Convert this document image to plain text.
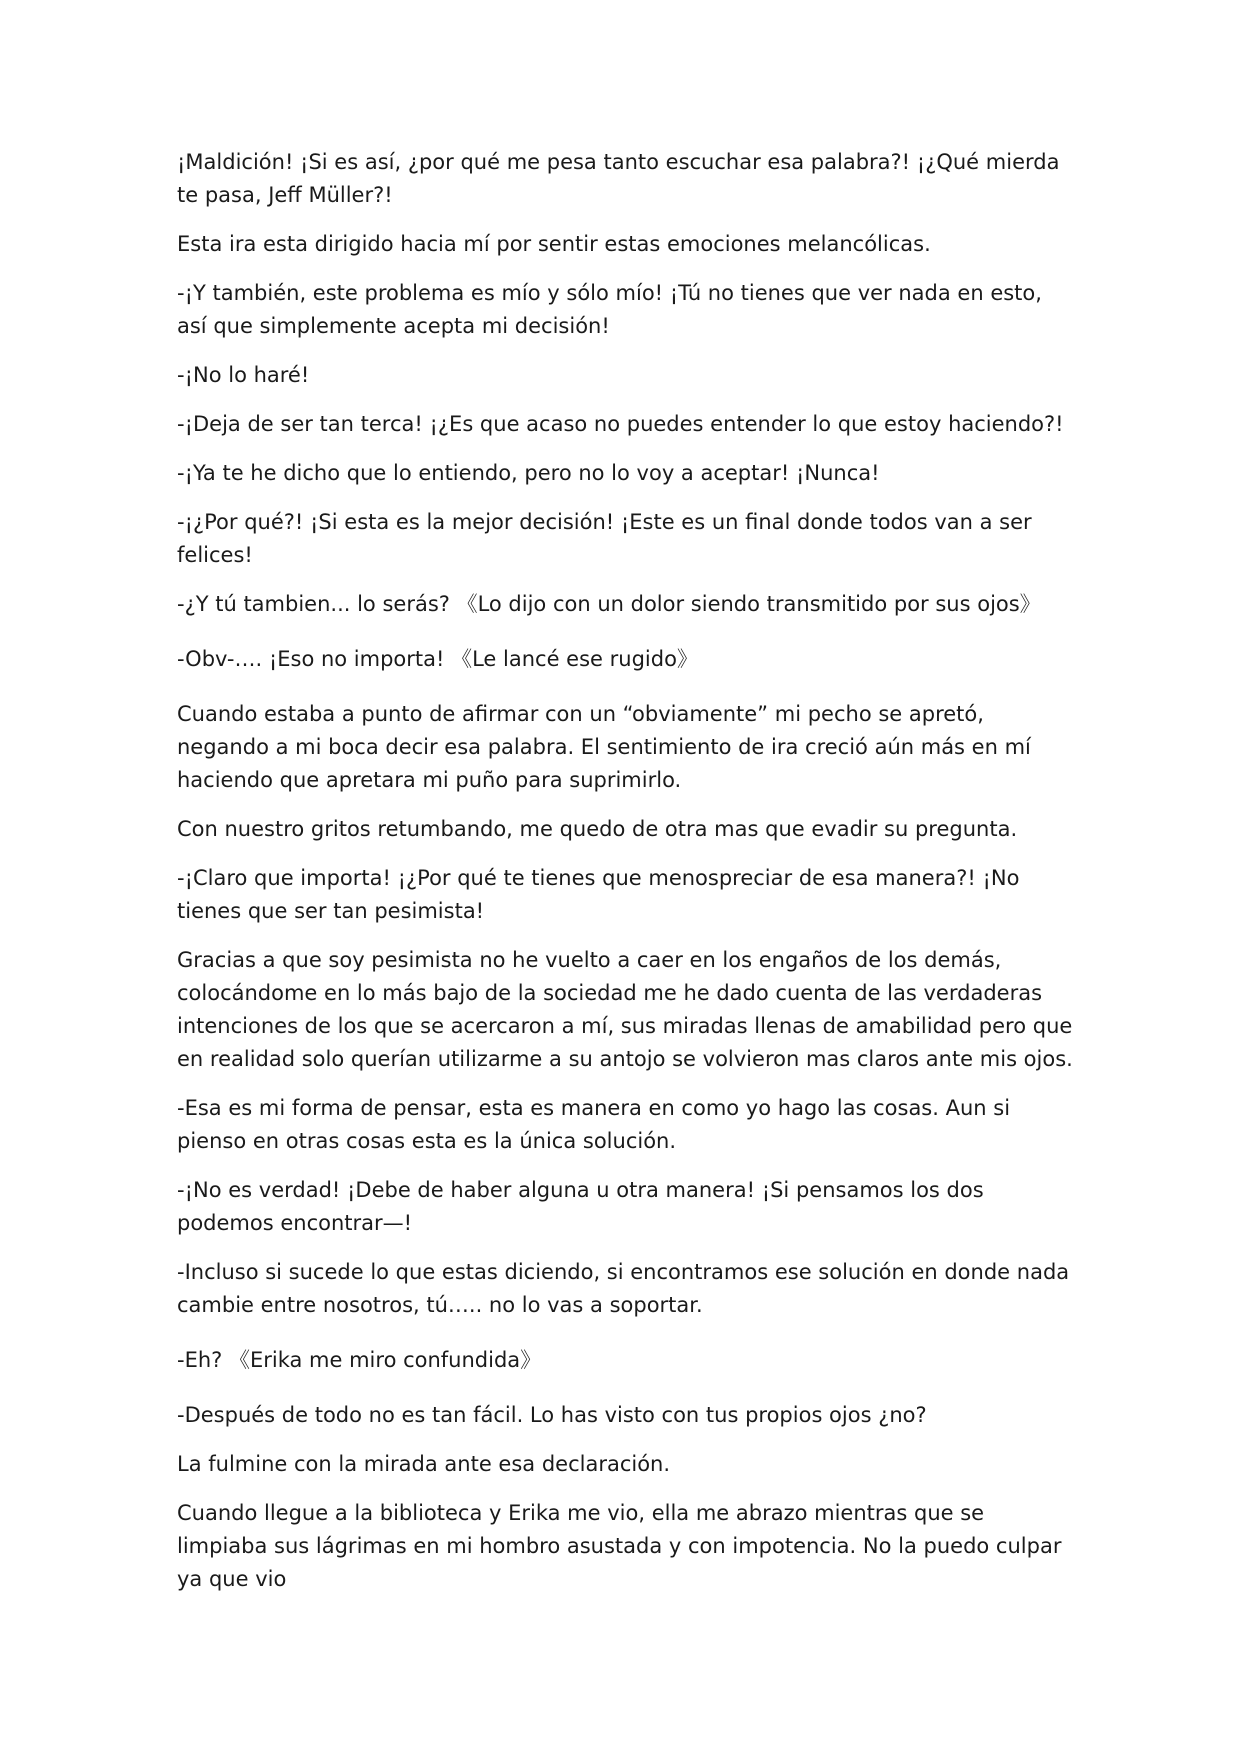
¡Maldición! ¡Si es así, ¿por qué me pesa tanto escuchar esa palabra?! ¡¿Qué mierda te pasa, Jeff Müller?!

Esta ira esta dirigido hacia mí por sentir estas emociones melancólicas.

-¡Y también, este problema es mío y sólo mío! ¡Tú no tienes que ver nada en esto, así que simplemente acepta mi decisión!

-¡No lo haré!

-¡Deja de ser tan terca! ¡¿Es que acaso no puedes entender lo que estoy haciendo?!

-¡Ya te he dicho que lo entiendo, pero no lo voy a aceptar! ¡Nunca!

-¡¿Por qué?! ¡Si esta es la mejor decisión! ¡Este es un final donde todos van a ser felices!

-¿Y tú tambien... lo serás? 《Lo dijo con un dolor siendo transmitido por sus ojos》

-Obv-…. ¡Eso no importa! 《Le lancé ese rugido》

Cuando estaba a punto de afirmar con un “obviamente” mi pecho se apretó, negando a mi boca decir esa palabra. El sentimiento de ira creció aún más en mí haciendo que apretara mi puño para suprimirlo.

Con nuestro gritos retumbando, me quedo de otra mas que evadir su pregunta.

-¡Claro que importa! ¡¿Por qué te tienes que menospreciar de esa manera?! ¡No tienes que ser tan pesimista!

Gracias a que soy pesimista no he vuelto a caer en los engaños de los demás, colocándome en lo más bajo de la sociedad me he dado cuenta de las verdaderas intenciones de los que se acercaron a mí, sus miradas llenas de amabilidad pero que en realidad solo querían utilizarme a su antojo se volvieron mas claros ante mis ojos.

-Esa es mi forma de pensar, esta es manera en como yo hago las cosas. Aun si pienso en otras cosas esta es la única solución.

-¡No es verdad! ¡Debe de haber alguna u otra manera! ¡Si pensamos los dos podemos encontrar—!

-Incluso si sucede lo que estas diciendo, si encontramos ese solución en donde nada cambie entre nosotros, tú….. no lo vas a soportar.

-Eh? 《Erika me miro confundida》

-Después de todo no es tan fácil. Lo has visto con tus propios ojos ¿no?

La fulmine con la mirada ante esa declaración.

Cuando llegue a la biblioteca y Erika me vio, ella me abrazo mientras que se limpiaba sus lágrimas en mi hombro asustada y con impotencia. No la puedo culpar ya que vio
